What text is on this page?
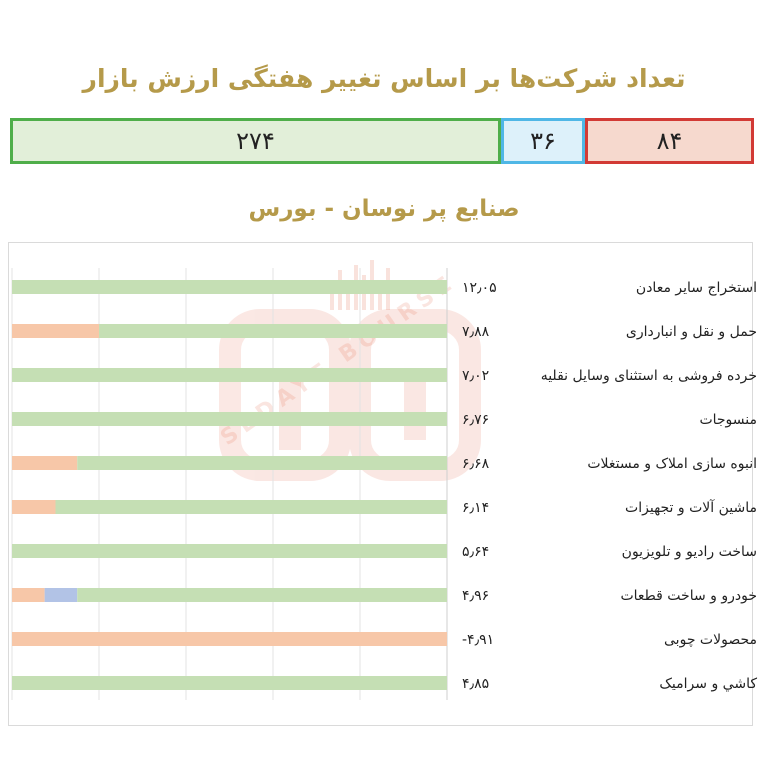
تعداد شرکت‌ها بر اساس تغییر هفتگی ارزش بازار
۲۷۴	۳۶	۸۴
صنایع پر نوسان - بورس
SEDAYE BOURSE ۱۲٫۰۵	استخراج سایر معادن
۷٫۸۸	حمل و نقل و انبارداری
۷٫۰۲	خرده فروشی به استثنای وسایل نقلیه
۶٫۷۶	منسوجات
۶٫۶۸	انبوه سازی املاک و مستغلات
۶٫۱۴	ماشین آلات و تجهیزات
۵٫۶۴	ساخت رادیو و تلویزیون
۴٫۹۶	خودرو و ساخت قطعات
-۴٫۹۱	محصولات چوبی
۴٫۸۵	کاشي و سراميک
